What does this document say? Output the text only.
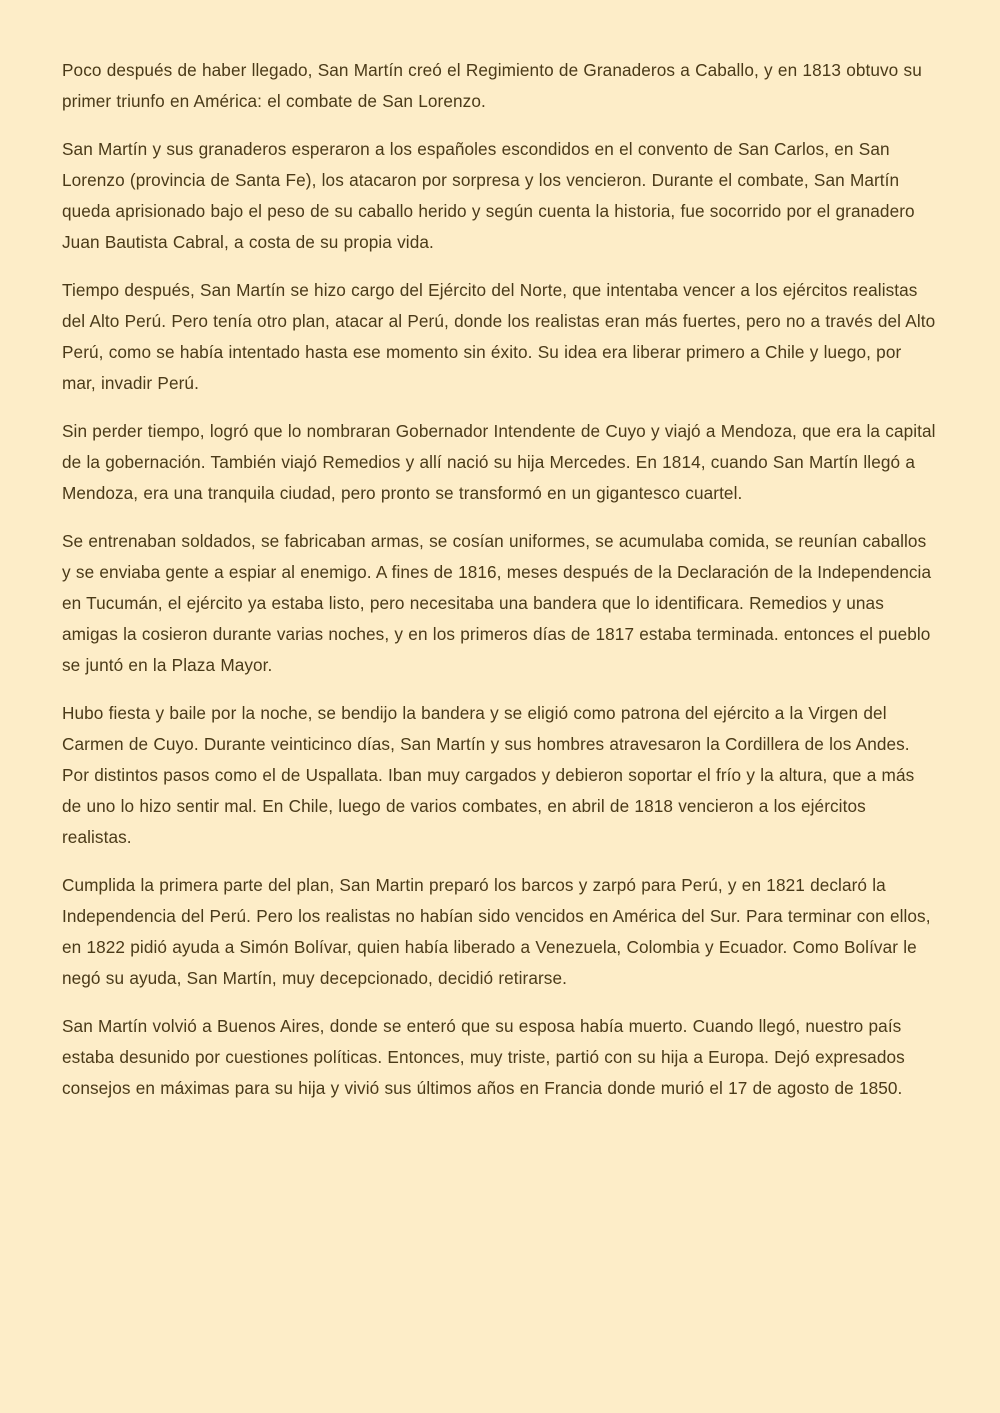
Poco después de haber llegado, San Martín creó el Regimiento de Granaderos a Caballo, y en 1813 obtuvo su primer triunfo en América: el combate de San Lorenzo.

San Martín y sus granaderos esperaron a los españoles escondidos en el convento de San Carlos, en San Lorenzo (provincia de Santa Fe), los atacaron por sorpresa y los vencieron. Durante el combate, San Martín queda aprisionado bajo el peso de su caballo herido y según cuenta la historia, fue socorrido por el granadero Juan Bautista Cabral, a costa de su propia vida.

Tiempo después, San Martín se hizo cargo del Ejército del Norte, que intentaba vencer a los ejércitos realistas del Alto Perú. Pero tenía otro plan, atacar al Perú, donde los realistas eran más fuertes, pero no a través del Alto Perú, como se había intentado hasta ese momento sin éxito. Su idea era liberar primero a Chile y luego, por mar, invadir Perú.

Sin perder tiempo, logró que lo nombraran Gobernador Intendente de Cuyo y viajó a Mendoza, que era la capital de la gobernación. También viajó Remedios y allí nació su hija Mercedes. En 1814, cuando San Martín llegó a Mendoza, era una tranquila ciudad, pero pronto se transformó en un gigantesco cuartel.

Se entrenaban soldados, se fabricaban armas, se cosían uniformes, se acumulaba comida, se reunían caballos y se enviaba gente a espiar al enemigo. A fines de 1816, meses después de la Declaración de la Independencia en Tucumán, el ejército ya estaba listo, pero necesitaba una bandera que lo identificara. Remedios y unas amigas la cosieron durante varias noches, y en los primeros días de 1817 estaba terminada. entonces el pueblo se juntó en la Plaza Mayor.

Hubo fiesta y baile por la noche, se bendijo la bandera y se eligió como patrona del ejército a la Virgen del Carmen de Cuyo. Durante veinticinco días, San Martín y sus hombres atravesaron la Cordillera de los Andes. Por distintos pasos como el de Uspallata. Iban muy cargados y debieron soportar el frío y la altura, que a más de uno lo hizo sentir mal. En Chile, luego de varios combates, en abril de 1818 vencieron a los ejércitos realistas.

Cumplida la primera parte del plan, San Martin preparó los barcos y zarpó para Perú, y en 1821 declaró la Independencia del Perú. Pero los realistas no habían sido vencidos en América del Sur. Para terminar con ellos, en 1822 pidió ayuda a Simón Bolívar, quien había liberado a Venezuela, Colombia y Ecuador. Como Bolívar le negó su ayuda, San Martín, muy decepcionado, decidió retirarse.

San Martín volvió a Buenos Aires, donde se enteró que su esposa había muerto. Cuando llegó, nuestro país estaba desunido por cuestiones políticas. Entonces, muy triste, partió con su hija a Europa. Dejó expresados consejos en máximas para su hija y vivió sus últimos años en Francia donde murió el 17 de agosto de 1850.
